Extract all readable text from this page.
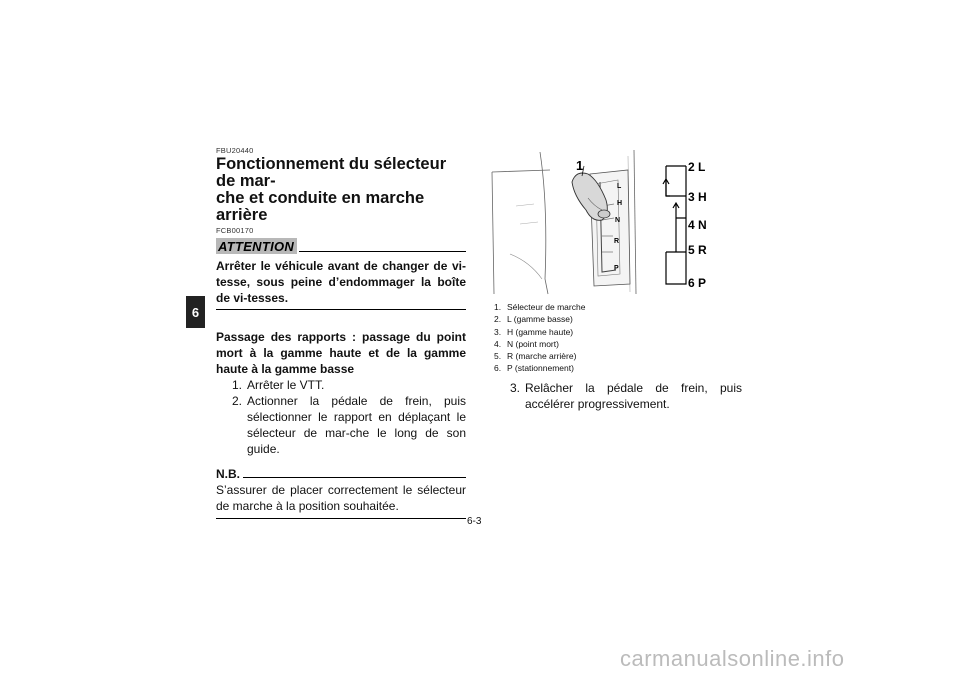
6
FBU20440
Fonctionnement du sélecteur de mar-
che et conduite en marche arrière
FCB00170
ATTENTION
Arrêter le véhicule avant de changer de vi-tesse, sous peine d’endommager la boîte de vi-tesses.
Passage des rapports : passage du point mort à la gamme haute et de la gamme haute à la gamme basse
1. Arrêter le VTT.
2. Actionner la pédale de frein, puis sélectionner le rapport en déplaçant le sélecteur de mar-che le long de son guide.
N.B.
S’assurer de placer correctement le sélecteur de marche à la position souhaitée.
1
L
H
N
R
P
2 L
3 H
4 N
5 R
6 P
1. Sélecteur de marche
2. L (gamme basse)
3. H (gamme haute)
4. N (point mort)
5. R (marche arrière)
6. P (stationnement)
3. Relâcher la pédale de frein, puis accélérer progressivement.
6-3
carmanualsonline.info
